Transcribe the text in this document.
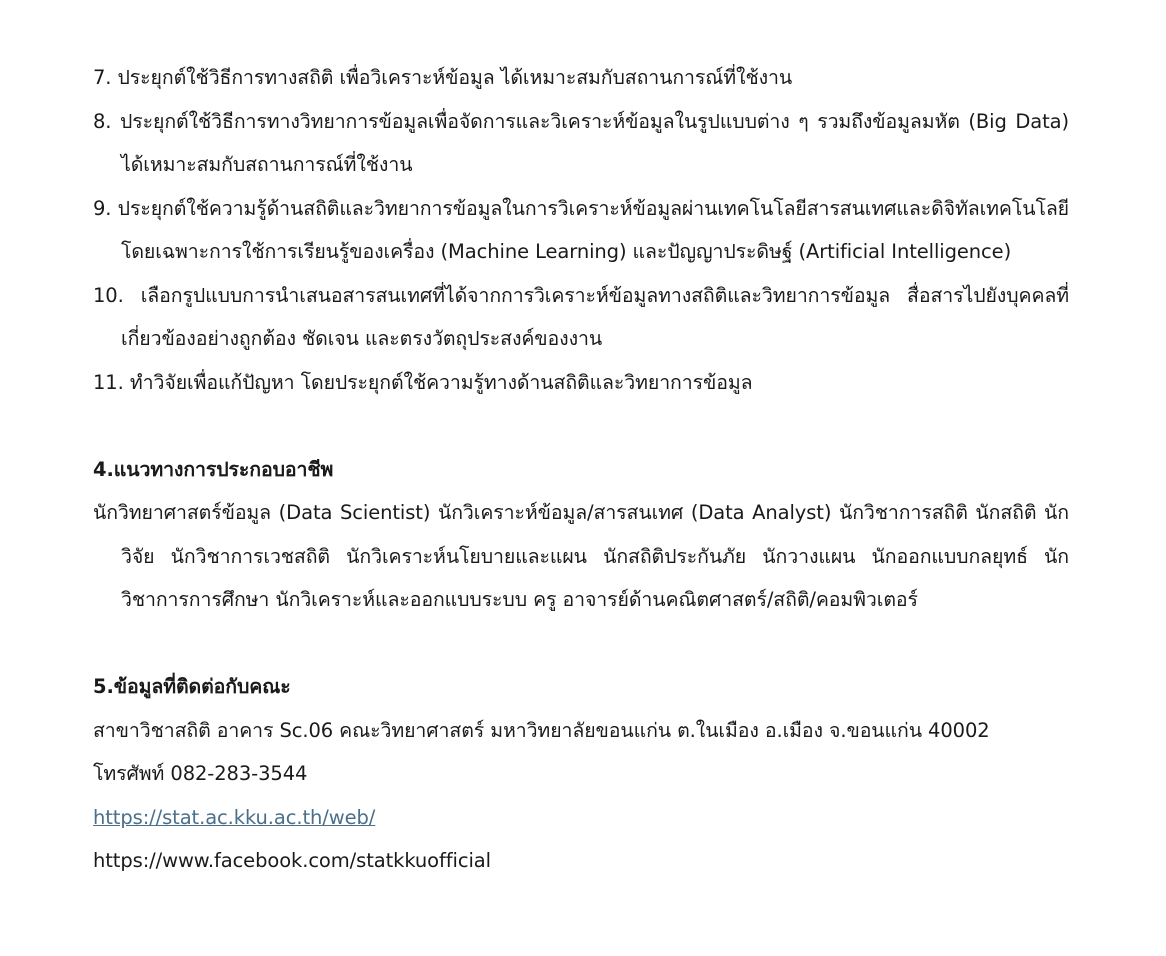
7. ประยุกต์ใช้วิธีการทางสถิติ เพื่อวิเคราะห์ข้อมูล ได้เหมาะสมกับสถานการณ์ที่ใช้งาน

8. ประยุกต์ใช้วิธีการทางวิทยาการข้อมูลเพื่อจัดการและวิเคราะห์ข้อมูลในรูปแบบต่าง ๆ รวมถึงข้อมูลมหัต (Big Data) ได้เหมาะสมกับสถานการณ์ที่ใช้งาน

9. ประยุกต์ใช้ความรู้ด้านสถิติและวิทยาการข้อมูลในการวิเคราะห์ข้อมูลผ่านเทคโนโลยีสารสนเทศและดิจิทัลเทคโนโลยี โดยเฉพาะการใช้การเรียนรู้ของเครื่อง (Machine Learning) และปัญญาประดิษฐ์ (Artificial Intelligence)

10. เลือกรูปแบบการนำเสนอสารสนเทศที่ได้จากการวิเคราะห์ข้อมูลทางสถิติและวิทยาการข้อมูล สื่อสารไปยังบุคคลที่เกี่ยวข้องอย่างถูกต้อง ชัดเจน และตรงวัตถุประสงค์ของงาน

11. ทำวิจัยเพื่อแก้ปัญหา โดยประยุกต์ใช้ความรู้ทางด้านสถิติและวิทยาการข้อมูล

4.แนวทางการประกอบอาชีพ

นักวิทยาศาสตร์ข้อมูล (Data Scientist) นักวิเคราะห์ข้อมูล/สารสนเทศ (Data Analyst) นักวิชาการสถิติ นักสถิติ นักวิจัย นักวิชาการเวชสถิติ นักวิเคราะห์นโยบายและแผน นักสถิติประกันภัย นักวางแผน นักออกแบบกลยุทธ์ นักวิชาการการศึกษา นักวิเคราะห์และออกแบบระบบ ครู อาจารย์ด้านคณิตศาสตร์/สถิติ/คอมพิวเตอร์

5.ข้อมูลที่ติดต่อกับคณะ

สาขาวิชาสถิติ อาคาร Sc.06 คณะวิทยาศาสตร์ มหาวิทยาลัยขอนแก่น ต.ในเมือง อ.เมือง จ.ขอนแก่น 40002

โทรศัพท์ 082-283-3544

https://stat.ac.kku.ac.th/web/

https://www.facebook.com/statkkuofficial
